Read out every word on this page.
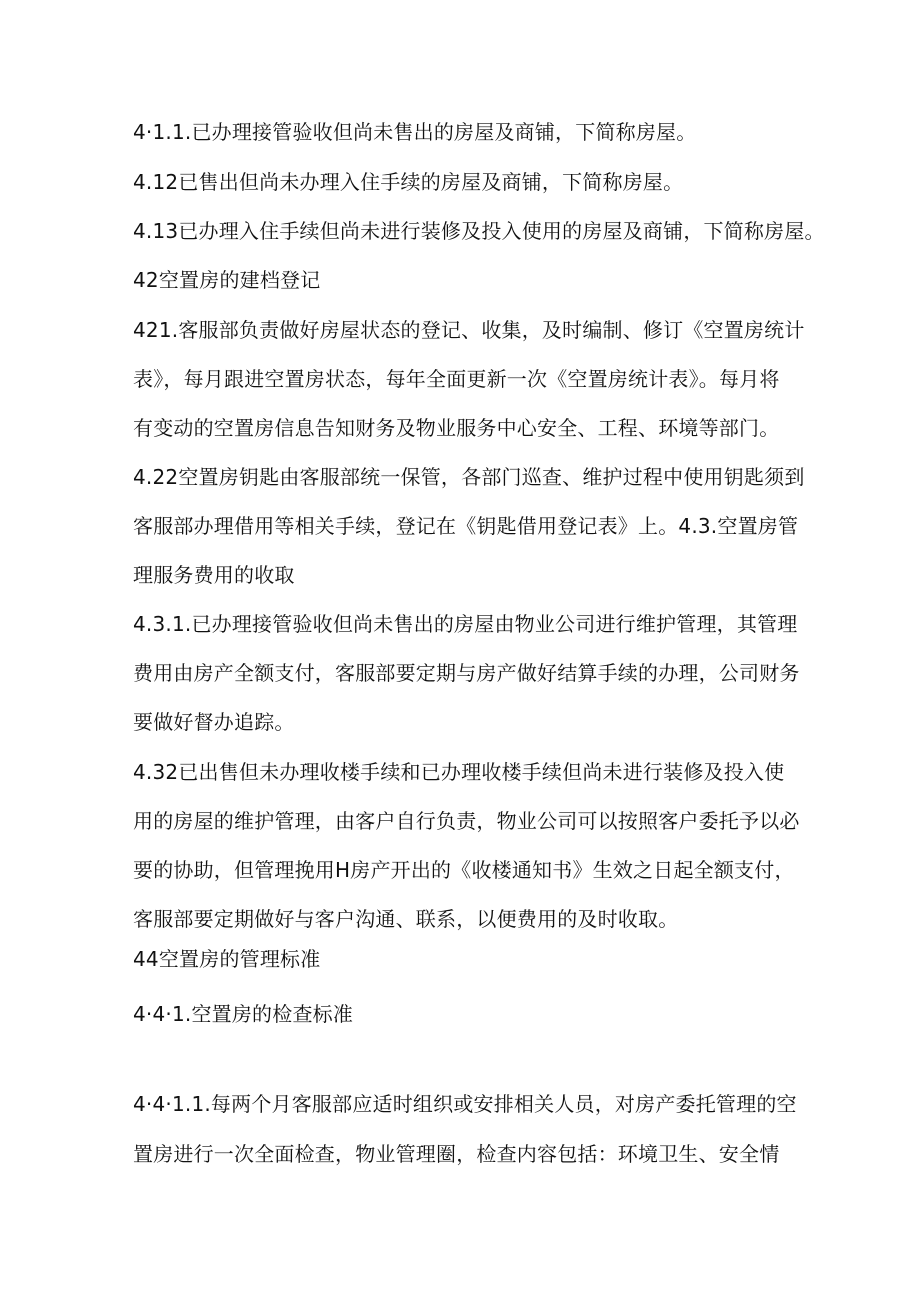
4·1.1.已办理接管验收但尚未售出的房屋及商铺，下简称房屋。
4.12已售出但尚未办理入住手续的房屋及商铺，下简称房屋。
4.13已办理入住手续但尚未进行装修及投入使用的房屋及商铺，下简称房屋。
42空置房的建档登记
421.客服部负责做好房屋状态的登记、收集，及时编制、修订《空置房统计
表》，每月跟进空置房状态，每年全面更新一次《空置房统计表》。每月将
有变动的空置房信息告知财务及物业服务中心安全、工程、环境等部门。
4.22空置房钥匙由客服部统一保管，各部门巡查、维护过程中使用钥匙须到
客服部办理借用等相关手续，登记在《钥匙借用登记表》上。4.3.空置房管
理服务费用的收取
4.3.1.已办理接管验收但尚未售出的房屋由物业公司进行维护管理，其管理
费用由房产全额支付，客服部要定期与房产做好结算手续的办理，公司财务
要做好督办追踪。
4.32已出售但未办理收楼手续和已办理收楼手续但尚未进行装修及投入使
用的房屋的维护管理，由客户自行负责，物业公司可以按照客户委托予以必
要的协助，但管理挽用H房产开出的《收楼通知书》生效之日起全额支付，
客服部要定期做好与客户沟通、联系，以便费用的及时收取。
44空置房的管理标准
4·4·1.空置房的检查标准
4·4·1.1.每两个月客服部应适时组织或安排相关人员，对房产委托管理的空
置房进行一次全面检查，物业管理圈，检查内容包括：环境卫生、安全情
